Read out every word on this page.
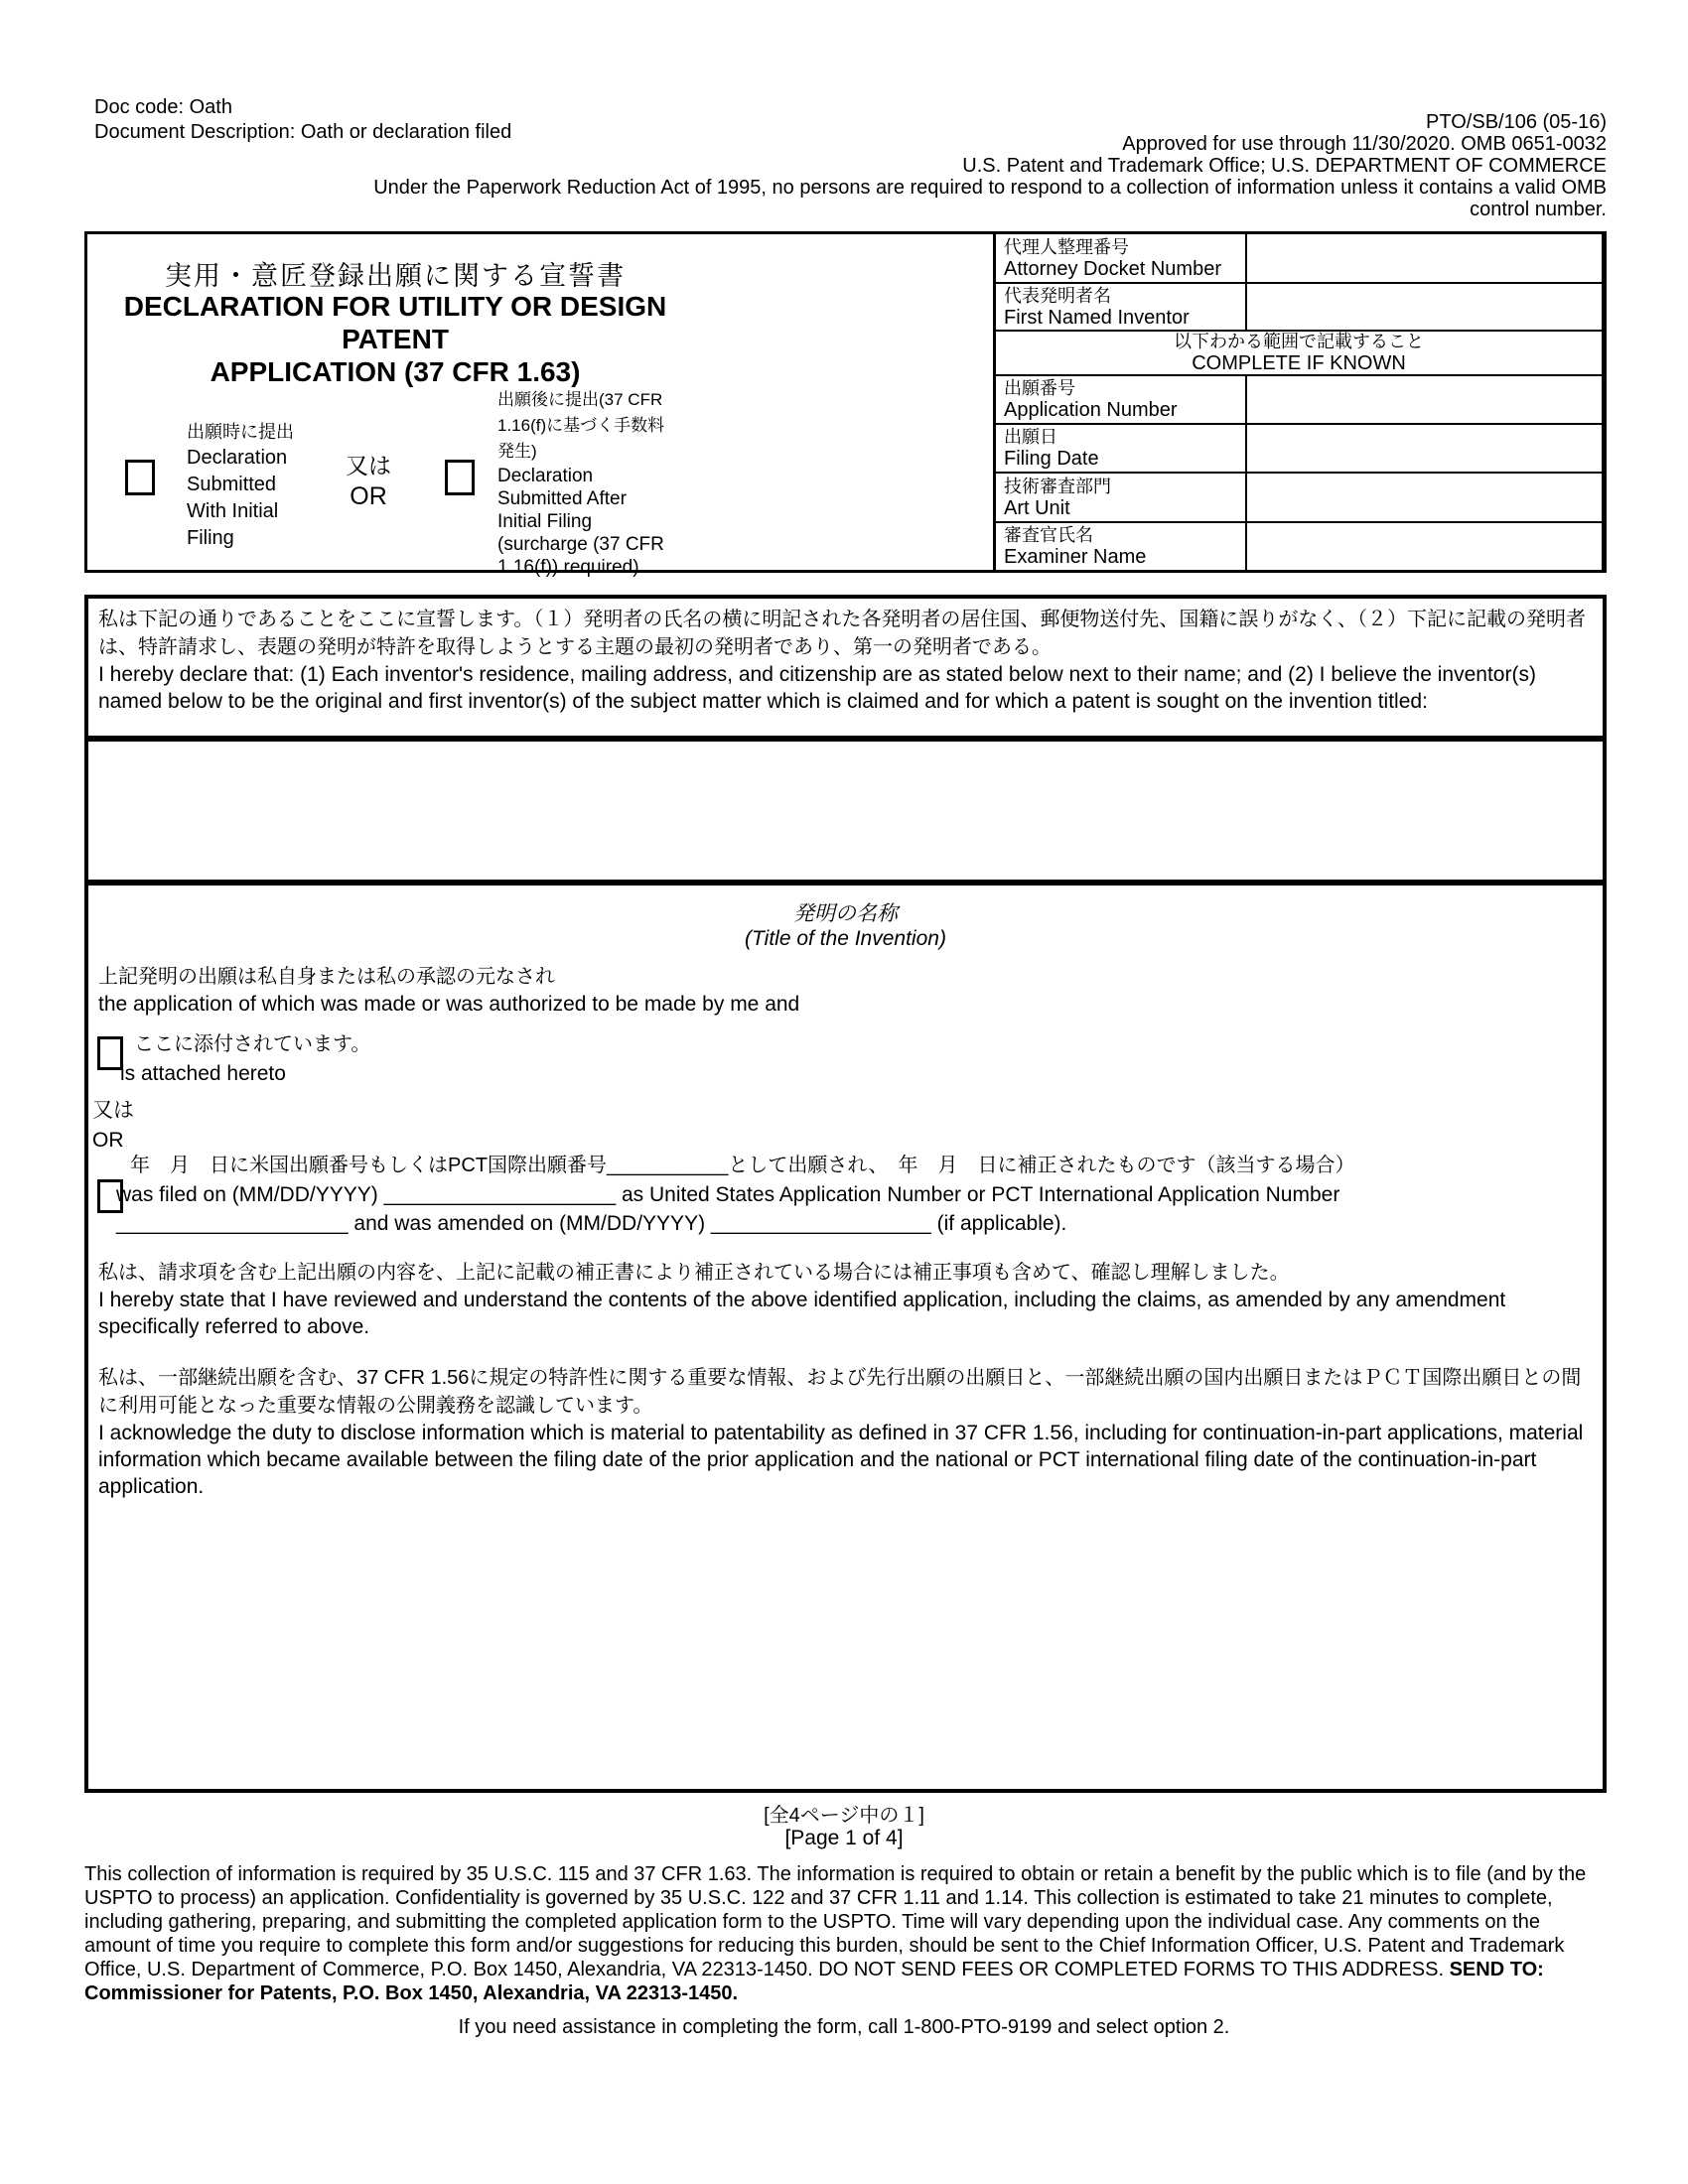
Doc code: Oath
Document Description: Oath or declaration filed	PTO/SB/106 (05-16)
Approved for use through 11/30/2020. OMB 0651-0032
U.S. Patent and Trademark Office; U.S. DEPARTMENT OF COMMERCE
Under the Paperwork Reduction Act of 1995, no persons are required to respond to a collection of information unless it contains a valid OMB control number.
実用・意匠登録出願に関する宣誓書
DECLARATION FOR UTILITY OR DESIGN PATENT
APPLICATION (37 CFR 1.63)
出願時に提出
Declaration Submitted With Initial Filing
又は
OR
出願後に提出(37 CFR 1.16(f)に基づく手数料発生)
Declaration Submitted After Initial Filing (surcharge (37 CFR 1.16(f)) required)
代理人整理番号
Attorney Docket Number
代表発明者名
First Named Inventor
以下わかる範囲で記載すること
COMPLETE IF KNOWN
出願番号
Application Number
出願日
Filing Date
技術審査部門
Art Unit
審査官氏名
Examiner Name
私は下記の通りであることをここに宣誓します。（１）発明者の氏名の横に明記された各発明者の居住国、郵便物送付先、国籍に誤りがなく、（２）下記に記載の発明者は、特許請求し、表題の発明が特許を取得しようとする主題の最初の発明者であり、第一の発明者である。
I hereby declare that: (1) Each inventor's residence, mailing address, and citizenship are as stated below next to their name; and (2) I believe the inventor(s) named below to be the original and first inventor(s) of the subject matter which is claimed and for which a patent is sought on the invention titled:
発明の名称
(Title of the Invention)
上記発明の出願は私自身または私の承認の元なされ
the application of which was made or was authorized to be made by me and
ここに添付されています。
is attached hereto
又は
OR
年　月　日に米国出願番号もしくはPCT国際出願番号___________として出願され、　年　月　日に補正されたものです（該当する場合）
was filed on (MM/DD/YYYY) ____________________ as United States Application Number or PCT International Application Number
____________________ and was amended on (MM/DD/YYYY) ___________________ (if applicable).
私は、請求項を含む上記出願の内容を、上記に記載の補正書により補正されている場合には補正事項も含めて、確認し理解しました。
I hereby state that I have reviewed and understand the contents of the above identified application, including the claims, as amended by any amendment specifically referred to above.
私は、一部継続出願を含む、37 CFR 1.56に規定の特許性に関する重要な情報、および先行出願の出願日と、一部継続出願の国内出願日またはＰＣＴ国際出願日との間に利用可能となった重要な情報の公開義務を認識しています。
I acknowledge the duty to disclose information which is material to patentability as defined in 37 CFR 1.56, including for continuation-in-part applications, material information which became available between the filing date of the prior application and the national or PCT international filing date of the continuation-in-part application.
[全4ページ中の１]
[Page 1 of 4]
This collection of information is required by 35 U.S.C. 115 and 37 CFR 1.63. The information is required to obtain or retain a benefit by the public which is to file (and by the USPTO to process) an application. Confidentiality is governed by 35 U.S.C. 122 and 37 CFR 1.11 and 1.14. This collection is estimated to take 21 minutes to complete, including gathering, preparing, and submitting the completed application form to the USPTO. Time will vary depending upon the individual case. Any comments on the amount of time you require to complete this form and/or suggestions for reducing this burden, should be sent to the Chief Information Officer, U.S. Patent and Trademark Office, U.S. Department of Commerce, P.O. Box 1450, Alexandria, VA 22313-1450. DO NOT SEND FEES OR COMPLETED FORMS TO THIS ADDRESS. SEND TO: Commissioner for Patents, P.O. Box 1450, Alexandria, VA 22313-1450.
If you need assistance in completing the form, call 1-800-PTO-9199 and select option 2.
